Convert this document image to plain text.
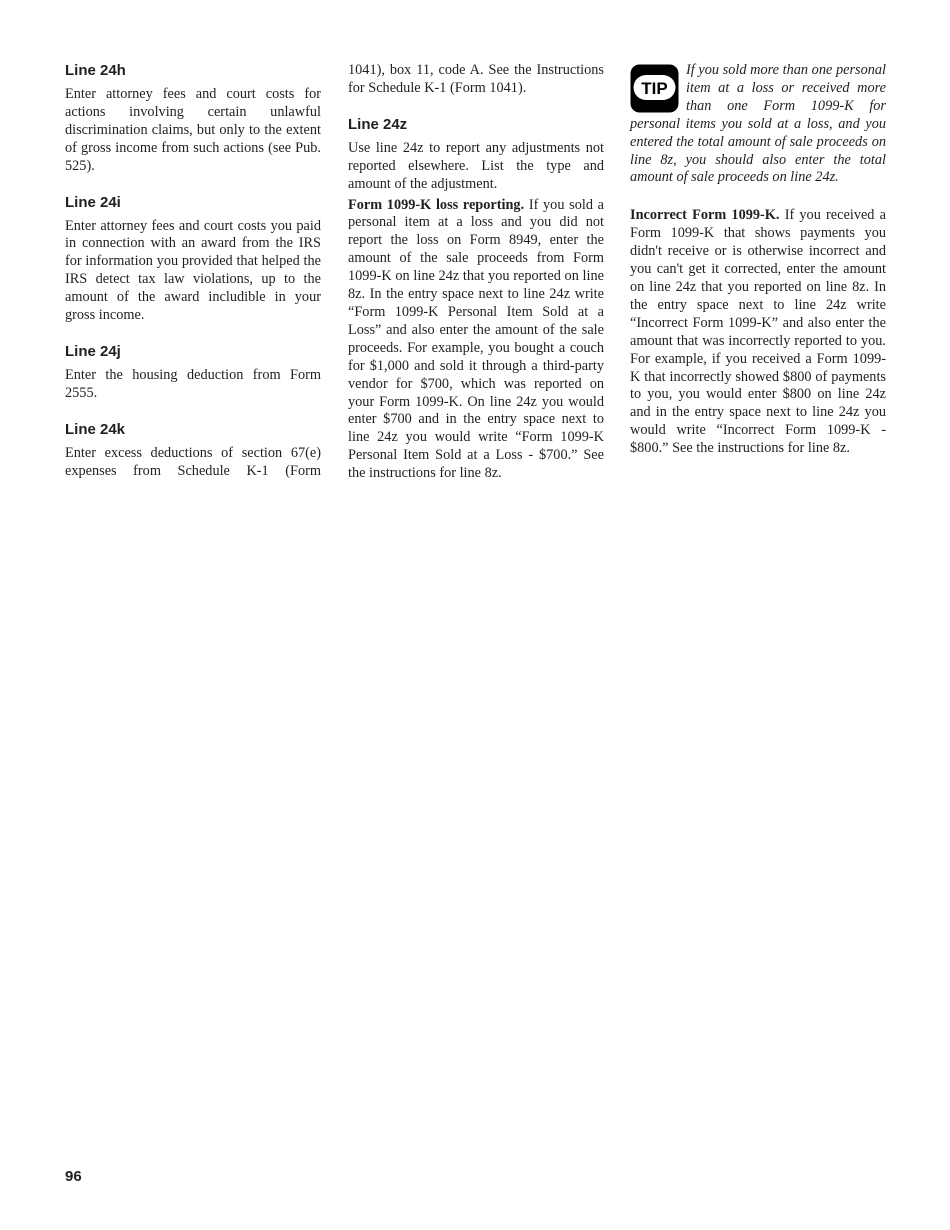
Line 24h

Enter attorney fees and court costs for actions involving certain unlawful discrimination claims, but only to the extent of gross income from such actions (see Pub. 525).

Line 24i

Enter attorney fees and court costs you paid in connection with an award from the IRS for information you provided that helped the IRS detect tax law violations, up to the amount of the award includible in your gross income.

Line 24j

Enter the housing deduction from Form 2555.

Line 24k

Enter excess deductions of section 67(e) expenses from Schedule K-1 (Form

1041), box 11, code A. See the Instructions for Schedule K-1 (Form 1041).

Line 24z

Use line 24z to report any adjustments not reported elsewhere. List the type and amount of the adjustment.

Form 1099-K loss reporting. If you sold a personal item at a loss and you did not report the loss on Form 8949, enter the amount of the sale proceeds from Form 1099-K on line 24z that you reported on line 8z. In the entry space next to line 24z write “Form 1099-K Personal Item Sold at a Loss” and also enter the amount of the sale proceeds. For example, you bought a couch for $1,000 and sold it through a third-party vendor for $700, which was reported on your Form 1099-K. On line 24z you would enter $700 and in the entry space next to line 24z you would write “Form 1099-K Personal Item Sold at a Loss - $700.” See the instructions for line 8z.

TIP

If you sold more than one personal item at a loss or received more than one Form 1099-K for personal items you sold at a loss, and you entered the total amount of sale proceeds on line 8z, you should also enter the total amount of sale proceeds on line 24z.

Incorrect Form 1099-K. If you received a Form 1099-K that shows payments you didn't receive or is otherwise incorrect and you can't get it corrected, enter the amount on line 24z that you reported on line 8z. In the entry space next to line 24z write “Incorrect Form 1099-K” and also enter the amount that was incorrectly reported to you. For example, if you received a Form 1099-K that incorrectly showed $800 of payments to you, you would enter $800 on line 24z and in the entry space next to line 24z you would write “Incorrect Form 1099-K - $800.” See the instructions for line 8z.

96
